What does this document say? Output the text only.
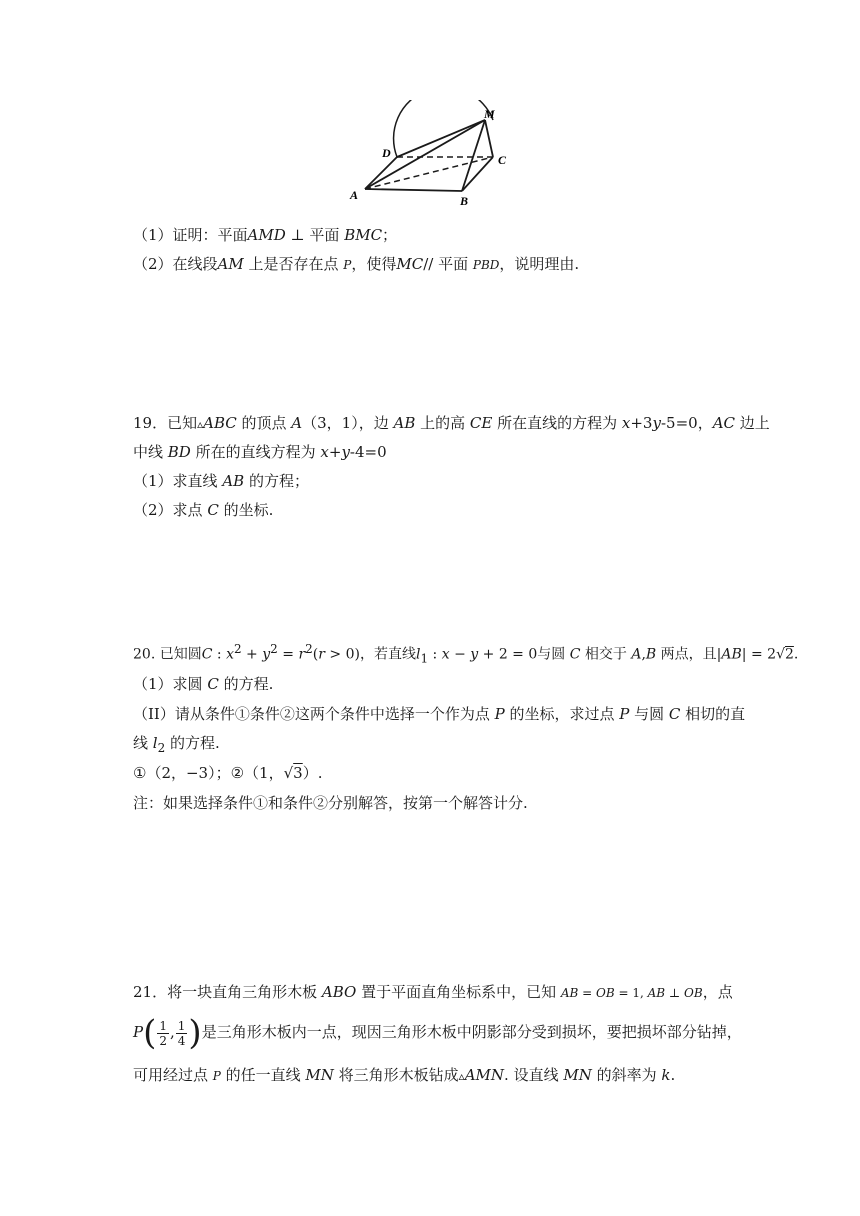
M
D	C
A	B
（1）证明：平面AMD ⊥ 平面 BMC；
（2）在线段AM 上是否存在点 P，使得MC// 平面 PBD，说明理由.
19．已知▵ABC 的顶点 A（3，1），边 AB 上的高 CE 所在直线的方程为 x+3y-5=0，AC 边上
中线 BD 所在的直线方程为 x+y-4=0
（1）求直线 AB 的方程；
（2）求点 C 的坐标.
20. 已知圆C : $x^2 + y^2 = r^2(r > 0)$，若直线$l_1$ : x − y + 2 = 0与圆 C 相交于 A,B 两点，且|AB| = 2√2.
（1）求圆 C 的方程.
（II）请从条件①条件②这两个条件中选择一个作为点 P 的坐标，求过点 P 与圆 C 相切的直
线 $l_2$ 的方程.
①（2，−3）；②（1，√3）.
注：如果选择条件①和条件②分别解答，按第一个解答计分.
21．将一块直角三角形木板 ABO 置于平面直角坐标系中，已知 AB = OB = 1, AB ⊥ OB，点
$P( \frac{1}{2}$ , $\frac{1}{4}$ )是三角形木板内一点，现因三角形木板中阴影部分受到损坏，要把损坏部分钻掉，
可用经过点 P 的任一直线 MN 将三角形木板钻成▵AMN. 设直线 MN 的斜率为 k.
